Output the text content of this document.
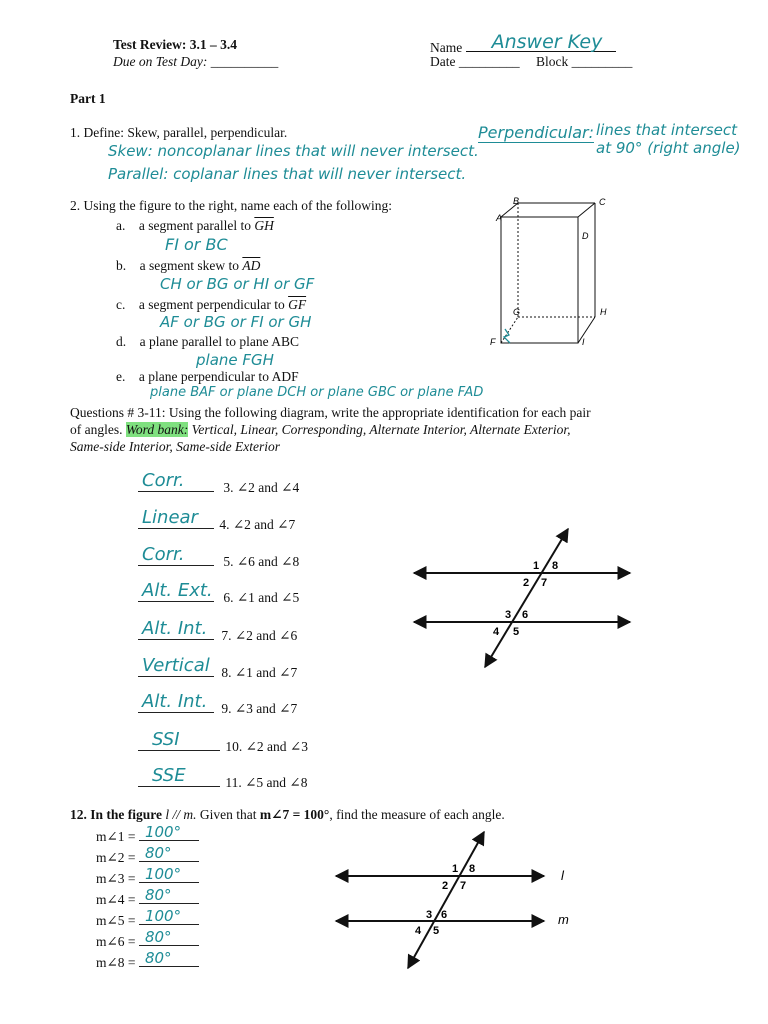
Test Review: 3.1 – 3.4
Due on Test Day: __________
Name Answer Key
Date _________ Block _________
Part 1
1. Define: Skew, parallel, perpendicular.
Skew: noncoplanar lines that will never intersect.
Parallel: coplanar lines that will never intersect.
Perpendicular: lines that intersect
at 90° (right angle)
2. Using the figure to the right, name each of the following:
a. a segment parallel to $\overline{GH}$
FI or BC
b. a segment skew to $\overline{AD}$
CH or BG or HI or GF
c. a segment perpendicular to $\overline{GF}$
AF or BG or FI or GH
d. a plane parallel to plane ABC
plane FGH
e. a plane perpendicular to ADF
plane BAF or plane DCH or plane GBC or plane FAD
A
B	C
D
F
G	H
I
Questions # 3-11: Using the following diagram, write the appropriate identification for each pair
of angles. Word bank: Vertical, Linear, Corresponding, Alternate Interior, Alternate Exterior,
Same-side Interior, Same-side Exterior
Corr.	3. ∠2 and ∠4
Linear 4. ∠2 and ∠7
Corr.	5. ∠6 and ∠8
Alt. Ext. 6. ∠1 and ∠5
Alt. Int. 7. ∠2 and ∠6
Vertical 8. ∠1 and ∠7
Alt. Int. 9. ∠3 and ∠7
SSI	10. ∠2 and ∠3
SSE	11. ∠5 and ∠8
1 8
2 7
3 6
4 5
12. In the figure l // m. Given that m∠7 = 100°, find the measure of each angle.
m∠1 = 100°
m∠2 = 80°
m∠3 = 100°
m∠4 = 80°
m∠5 = 100°
m∠6 = 80°
m∠8 = 80°
1 8
2 7
3 6
4 5
l
m
